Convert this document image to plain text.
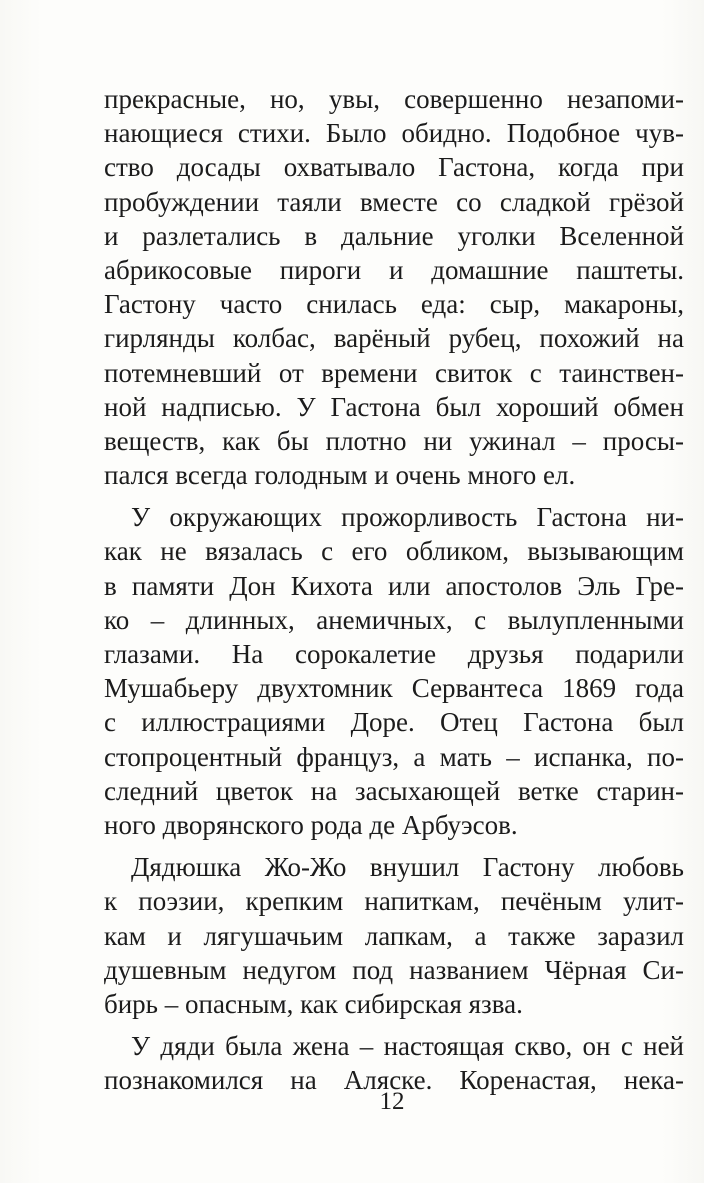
прекрасные, но, увы, совершенно незапоми-
нающиеся стихи. Было обидно. Подобное чув-
ство досады охватывало Гастона, когда при
пробуждении таяли вместе со сладкой грёзой
и разлетались в дальние уголки Вселенной
абрикосовые пироги и домашние паштеты.
Гастону часто снилась еда: сыр, макароны,
гирлянды колбас, варёный рубец, похожий на
потемневший от времени свиток с таинствен-
ной надписью. У Гастона был хороший обмен
веществ, как бы плотно ни ужинал – просы-
пался всегда голодным и очень много ел.
У окружающих прожорливость Гастона ни-
как не вязалась с его обликом, вызывающим
в памяти Дон Кихота или апостолов Эль Гре-
ко – длинных, анемичных, с вылупленными
глазами. На сорокалетие друзья подарили
Мушабьеру двухтомник Сервантеса 1869 года
с иллюстрациями Доре. Отец Гастона был
стопроцентный француз, а мать – испанка, по-
следний цветок на засыхающей ветке старин-
ного дворянского рода де Арбуэсов.
Дядюшка Жо-Жо внушил Гастону любовь
к поэзии, крепким напиткам, печёным улит-
кам и лягушачьим лапкам, а также заразил
душевным недугом под названием Чёрная Си-
бирь – опасным, как сибирская язва.
У дяди была жена – настоящая скво, он с ней
познакомился на Аляске. Коренастая, нека-

12
